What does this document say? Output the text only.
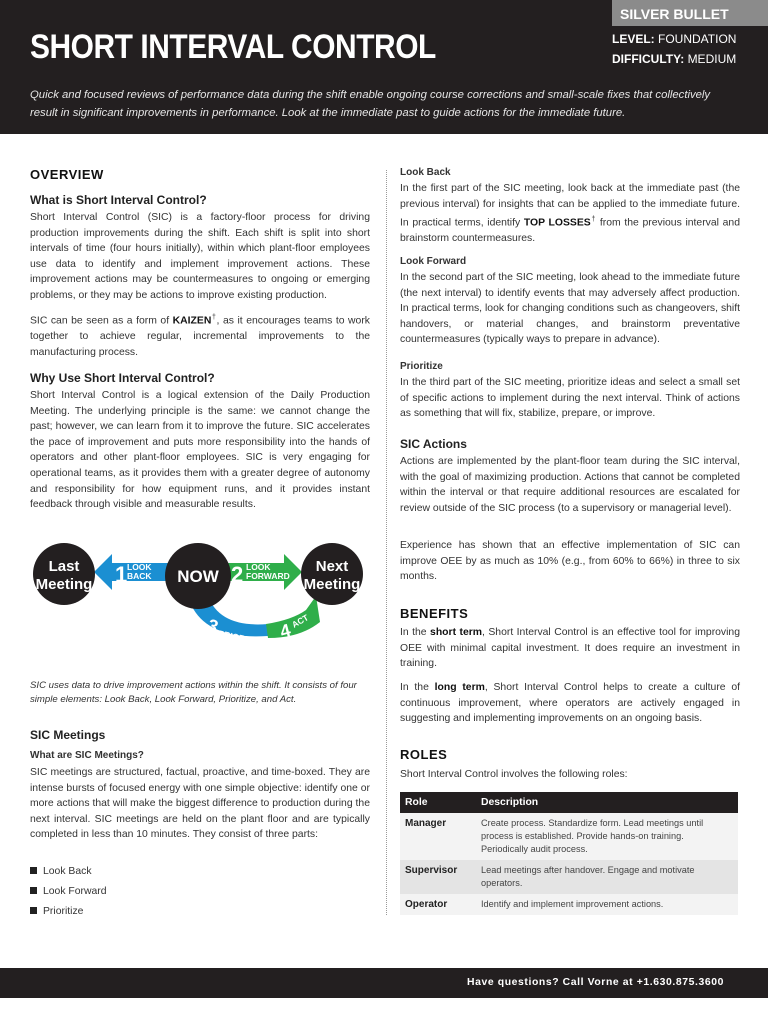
SILVER BULLET
SHORT INTERVAL CONTROL	LEVEL: FOUNDATION
DIFFICULTY: MEDIUM
Quick and focused reviews of performance data during the shift enable ongoing course corrections and small-scale fixes that collectively result in significant improvements in performance. Look at the immediate past to guide actions for the immediate future.
OVERVIEW
What is Short Interval Control?

Short Interval Control (SIC) is a factory-floor process for driving production improvements during the shift. Each shift is split into short intervals of time (four hours initially), within which plant-floor employees use data to identify and implement improvement actions. These improvement actions may be countermeasures to ongoing or emerging problems, or they may be actions to improve existing production.

SIC can be seen as a form of KAIZEN†, as it encourages teams to work together to achieve regular, incremental improvements to the manufacturing process.

Why Use Short Interval Control?

Short Interval Control is a logical extension of the Daily Production Meeting. The underlying principle is the same: we cannot change the past; however, we can learn from it to improve the future. SIC accelerates the pace of improvement and puts more responsibility into the hands of operators and other plant-floor employees. SIC is very engaging for operational teams, as it provides them with a greater degree of autonomy and responsibility for how equipment runs, and it provides instant feedback through visible and measurable results.

1 LOOK
BACK	2 LOOK
FORWARD
3
PRIORITIZE 4
ACT
Last
Meeting	NOW
Next
Meeting
SIC uses data to drive improvement actions within the shift. It consists of four simple elements: Look Back, Look Forward, Prioritize, and Act.
SIC Meetings
What are SIC Meetings?

SIC meetings are structured, factual, proactive, and time-boxed. They are intense bursts of focused energy with one simple objective: identify one or more actions that will make the biggest difference to production during the next interval. SIC meetings are held on the plant floor and are typically completed in less than 10 minutes. They consist of three parts:

Look Back
Look Forward
Prioritize
Look Back

In the first part of the SIC meeting, look back at the immediate past (the previous interval) for insights that can be applied to the immediate future. In practical terms, identify TOP LOSSES† from the previous interval and brainstorm countermeasures.

Look Forward

In the second part of the SIC meeting, look ahead to the immediate future (the next interval) to identify events that may adversely affect production. In practical terms, look for changing conditions such as changeovers, shift handovers, or material changes, and brainstorm preventative countermeasures (typically ways to prepare in advance).

Prioritize

In the third part of the SIC meeting, prioritize ideas and select a small set of specific actions to implement during the next interval. Think of actions as something that will fix, stabilize, prepare, or improve.

SIC Actions

Actions are implemented by the plant-floor team during the SIC interval, with the goal of maximizing production. Actions that cannot be completed within the interval or that require additional resources are escalated for review outside of the SIC process (to a supervisory or managerial level).

Experience has shown that an effective implementation of SIC can improve OEE by as much as 10% (e.g., from 60% to 66%) in three to six months.

BENEFITS

In the short term, Short Interval Control is an effective tool for improving OEE with minimal capital investment. It does require an investment in training.

In the long term, Short Interval Control helps to create a culture of continuous improvement, where operators are actively engaged in suggesting and implementing improvements on an ongoing basis.

ROLES

Short Interval Control involves the following roles:

Role	Description
Manager	Create process. Standardize form. Lead meetings until process is established. Provide hands-on training. Periodically audit process.
Supervisor	Lead meetings after handover. Engage and motivate operators.
Operator	Identify and implement improvement actions.
Have questions? Call Vorne at +1.630.875.3600
